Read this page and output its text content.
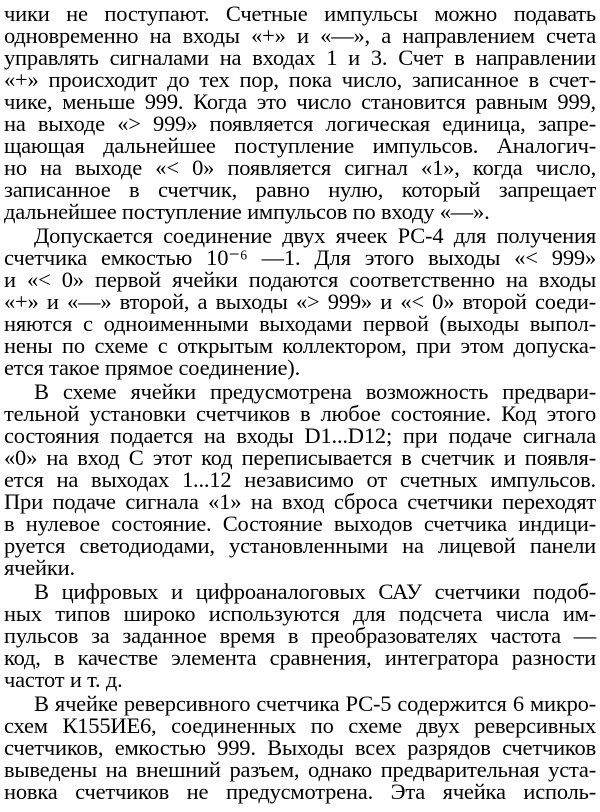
чики не поступают. Счетные импульсы можно подавать
одновременно на входы «+» и «—», а направлением счета
управлять сигналами на входах 1 и 3. Счет в направлении
«+» происходит до тех пор, пока число, записанное в счет-
чике, меньше 999. Когда это число становится равным 999,
на выходе «> 999» появляется логическая единица, запре-
щающая дальнейшее поступление импульсов. Аналогич-
но на выходе «< 0» появляется сигнал «1», когда число,
записанное в счетчик, равно нулю, который запрещает
дальнейшее поступление импульсов по входу «—».
Допускается соединение двух ячеек РС-4 для получения
счетчика емкостью 10⁻⁶ —1. Для этого выходы «< 999»
и «< 0» первой ячейки подаются соответственно на входы
«+» и «—» второй, а выходы «> 999» и «< 0» второй соеди-
няются с одноименными выходами первой (выходы выпол-
нены по схеме с открытым коллектором, при этом допуска-
ется такое прямое соединение).
В схеме ячейки предусмотрена возможность предвари-
тельной установки счетчиков в любое состояние. Код этого
состояния подается на входы D1...D12; при подаче сигнала
«0» на вход C этот код переписывается в счетчик и появля-
ется на выходах 1...12 независимо от счетных импульсов.
При подаче сигнала «1» на вход сброса счетчики переходят
в нулевое состояние. Состояние выходов счетчика индици-
руется светодиодами, установленными на лицевой панели
ячейки.
В цифровых и цифроаналоговых САУ счетчики подоб-
ных типов широко используются для подсчета числа им-
пульсов за заданное время в преобразователях частота —
код, в качестве элемента сравнения, интегратора разности
частот и т. д.
В ячейке реверсивного счетчика РС-5 содержится 6 микро-
схем К155ИЕ6, соединенных по схеме двух реверсивных
счетчиков, емкостью 999. Выходы всех разрядов счетчиков
выведены на внешний разъем, однако предварительная уста-
новка счетчиков не предусмотрена. Эта ячейка исполь-
